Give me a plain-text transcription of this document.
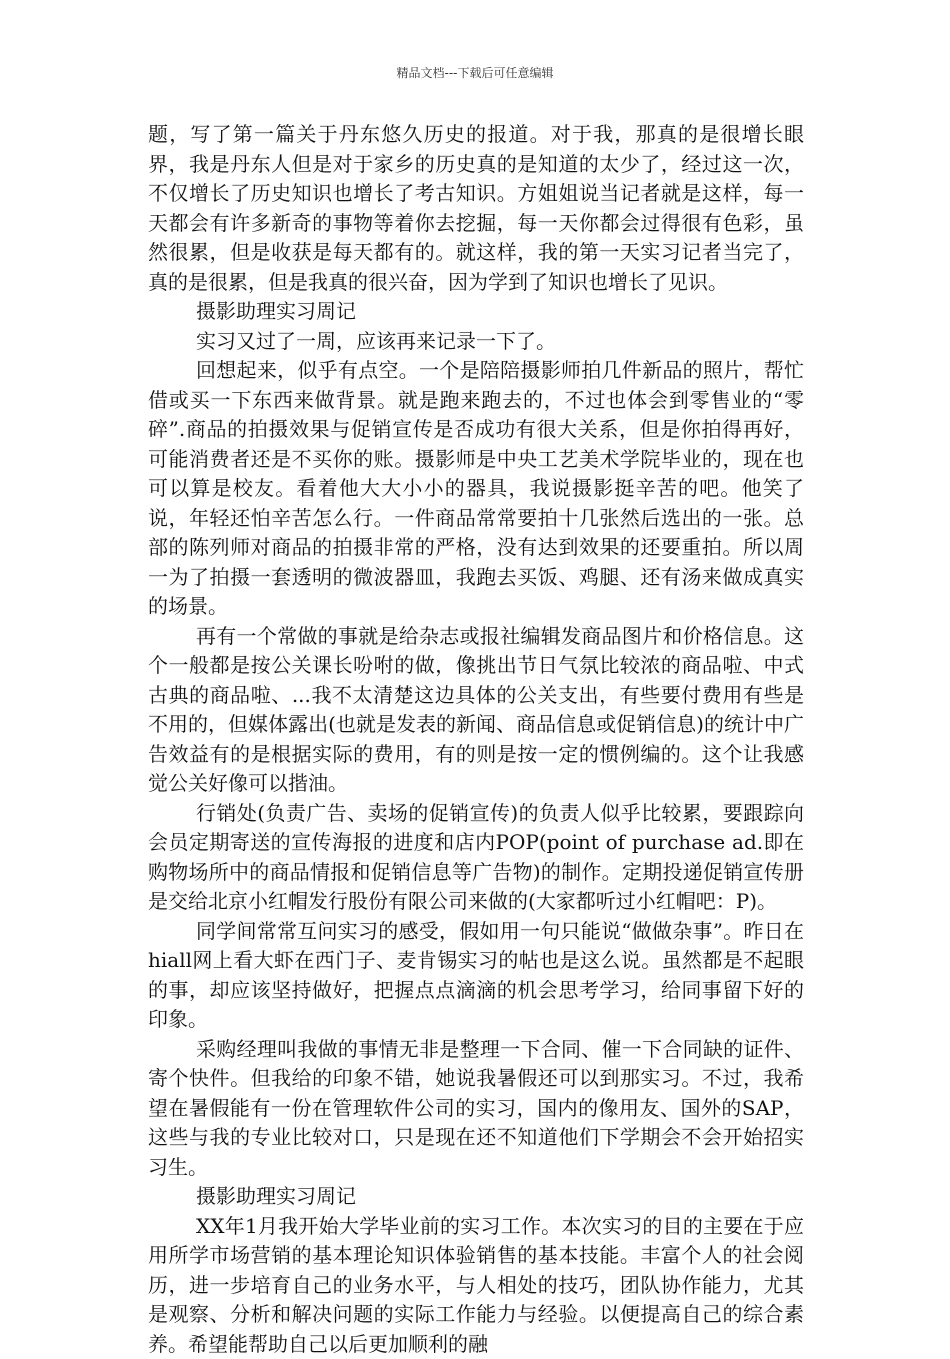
精品文档---下载后可任意编辑

题，写了第一篇关于丹东悠久历史的报道。对于我，那真的是很增长眼界，我是丹东人但是对于家乡的历史真的是知道的太少了，经过这一次，不仅增长了历史知识也增长了考古知识。方姐姐说当记者就是这样，每一天都会有许多新奇的事物等着你去挖掘，每一天你都会过得很有色彩，虽然很累，但是收获是每天都有的。就这样，我的第一天实习记者当完了，真的是很累，但是我真的很兴奋，因为学到了知识也增长了见识。

摄影助理实习周记

实习又过了一周，应该再来记录一下了。

回想起来，似乎有点空。一个是陪陪摄影师拍几件新品的照片，帮忙借或买一下东西来做背景。就是跑来跑去的，不过也体会到零售业的“零碎”.商品的拍摄效果与促销宣传是否成功有很大关系，但是你拍得再好，可能消费者还是不买你的账。摄影师是中央工艺美术学院毕业的，现在也可以算是校友。看着他大大小小的器具，我说摄影挺辛苦的吧。他笑了说，年轻还怕辛苦怎么行。一件商品常常要拍十几张然后选出的一张。总部的陈列师对商品的拍摄非常的严格，没有达到效果的还要重拍。所以周一为了拍摄一套透明的微波器皿，我跑去买饭、鸡腿、还有汤来做成真实的场景。

再有一个常做的事就是给杂志或报社编辑发商品图片和价格信息。这个一般都是按公关课长吩咐的做，像挑出节日气氛比较浓的商品啦、中式古典的商品啦、...我不太清楚这边具体的公关支出，有些要付费用有些是不用的，但媒体露出(也就是发表的新闻、商品信息或促销信息)的统计中广告效益有的是根据实际的费用，有的则是按一定的惯例编的。这个让我感觉公关好像可以揩油。

行销处(负责广告、卖场的促销宣传)的负责人似乎比较累，要跟踪向会员定期寄送的宣传海报的进度和店内POP(point of purchase ad.即在购物场所中的商品情报和促销信息等广告物)的制作。定期投递促销宣传册是交给北京小红帽发行股份有限公司来做的(大家都听过小红帽吧：P)。

同学间常常互问实习的感受，假如用一句只能说“做做杂事”。昨日在hiall网上看大虾在西门子、麦肯锡实习的帖也是这么说。虽然都是不起眼的事，却应该坚持做好，把握点点滴滴的机会思考学习，给同事留下好的印象。

采购经理叫我做的事情无非是整理一下合同、催一下合同缺的证件、寄个快件。但我给的印象不错，她说我暑假还可以到那实习。不过，我希望在暑假能有一份在管理软件公司的实习，国内的像用友、国外的SAP，这些与我的专业比较对口，只是现在还不知道他们下学期会不会开始招实习生。

摄影助理实习周记

XX年1月我开始大学毕业前的实习工作。本次实习的目的主要在于应用所学市场营销的基本理论知识体验销售的基本技能。丰富个人的社会阅历，进一步培育自己的业务水平，与人相处的技巧，团队协作能力，尤其是观察、分析和解决问题的实际工作能力与经验。以便提高自己的综合素养。希望能帮助自己以后更加顺利的融
